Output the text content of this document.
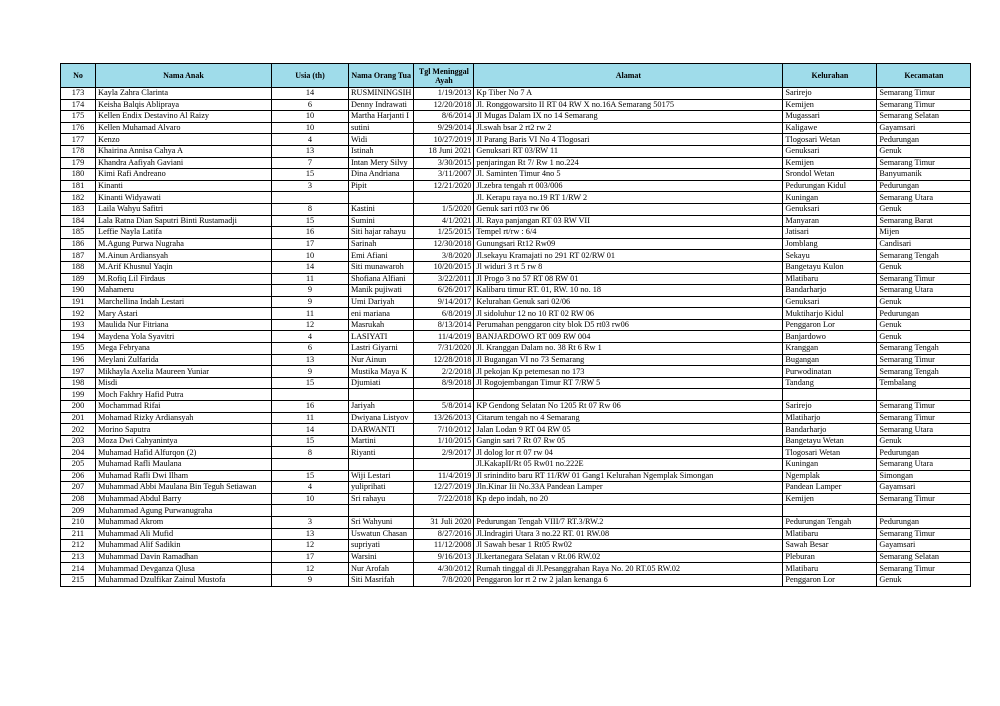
No	Nama Anak	Usia (th)	Nama Orang Tua	Tgl Meninggal Ayah	Alamat	Kelurahan	Kecamatan
173	Kayla Zahra Clarinta	14	RUSMININGSIH	1/19/2013	Kp Tiber No 7 A	Sarirejo	Semarang Timur
174	Keisha Balqis Abliprayа	6	Denny Indrawati	12/20/2018	Jl. Ronggowarsito II RT 04 RW X no.16A Semarang 50175	Kemijen	Semarang Timur
175	Kellen Endix Destavino Al Raizy	10	Martha Harjanti I	8/6/2014	Jl Mugas Dalam IX no 14 Semarang	Mugassari	Semarang Selatan
176	Kellen Muhamad Alvaro	10	sutini	9/29/2014	Jl.swah bsar 2 rt2 rw 2	Kaligawe	Gayamsari
177	Kenzo	4	Widi	10/27/2019	Jl Parang Baris VI No 4 Tlogosari	Tlogosari Wetan	Pedurungan
178	Khairina Annisa Cahya A	13	Istinah	18 Juni 2021	Genuksari RT 03/RW 11	Genuksari	Genuk
179	Khandra Aafiyah Gaviani	7	Intan Mery Silvy	3/30/2015	penjaringan Rt 7/ Rw 1 no.224	Kemijen	Semarang Timur
180	Kimi Rafi Andreano	15	Dina Andriana	3/11/2007	Jl. Saminten Timur 4no 5	Srondol Wetan	Banyumanik
181	Kinanti	3	Pipit	12/21/2020	Jl.zebra tengah rt 003/006	Pedurungan Kidul	Pedurungan
182	Kinanti Widyawati				Jl. Kerapu raya no.19 RT 1/RW 2	Kuningan	Semarang Utara
183	Laila Wahyu Safitri	8	Kastini	1/5/2020	Genuk sari rt03 rw 06	Genuksari	Genuk
184	Lala Ratna Dian Saputri Binti Rustamadji	15	Sumini	4/1/2021	Jl. Raya panjangan RT 03 RW VII	Manyaran	Semarang Barat
185	Leffie Nayla Latifa	16	Siti hajar rahayu	1/25/2015	Tempel rt/rw : 6/4	Jatisari	Mijen
186	M.Agung Purwa Nugraha	17	Sarinah	12/30/2018	Gunungsari Rt12 Rw09	Jomblang	Candisari
187	M.Ainun Ardiansyah	10	Emi Afiani	3/8/2020	Jl.sekayu Kramajati no 291 RT 02/RW 01	Sekayu	Semarang Tengah
188	M.Arif Khusnul Yaqin	14	Siti munawaroh	10/20/2015	Jl widuri 3 rt 5 rw 8	Bangetayu Kulon	Genuk
189	M.Rofiq Lil Firdaus	11	Shofiana Alfiani	3/22/2011	Jl Progo 3 no 57 RT 08 RW 01	Mlatibaru	Semarang Timur
190	Mahameru	9	Manik pujiwati	6/26/2017	Kalibaru timur RT. 01, RW. 10 no. 18	Bandarharjo	Semarang Utara
191	Marchellina Indah Lestari	9	Umi Dariyah	9/14/2017	Kelurahan Genuk sari 02/06	Genuksari	Genuk
192	Mary Astari	11	eni mariana	6/8/2019	Jl sidoluhur 12 no 10 RT 02 RW 06	Muktiharjo Kidul	Pedurungan
193	Maulida Nur Fitriana	12	Masrukah	8/13/2014	Perumahan penggaron city blok D5 rt03 rw06	Penggaron Lor	Genuk
194	Maydena Yola Syavitri	4	LASIYATI	11/4/2019	BANJARDOWO RT 009 RW 004	Banjardowo	Genuk
195	Mega Febryana	6	Lastri Giyarni	7/31/2020	Jl. Kranggan Dalam no. 38 Rt 6 Rw 1	Kranggan	Semarang Tengah
196	Meylani Zulfarida	13	Nur Ainun	12/28/2018	Jl Bugangan VI no 73 Semarang	Bugangan	Semarang Timur
197	Mikhayla Axelia Maureen Yuniar	9	Mustika Maya K	2/2/2018	Jl pekojan Kp petemesan no 173	Purwodinatan	Semarang Tengah
198	Misdi	15	Djumiati	8/9/2018	Jl Rogojembangan Timur RT 7/RW 5	Tandang	Tembalang
199	Moch Fakhry Hafid Putra						
200	Mochammad Rifai	16	Jariyah	5/8/2014	KP Gendong Selatan No 1205 Rt 07 Rw 06	Sarirejo	Semarang Timur
201	Mohamad Rizky Ardiansyah	11	Dwiyana Listyov	13/26/2013	Citarum tengah no 4 Semarang	Mlatiharjo	Semarang Timur
202	Morino Saputra	14	DARWANTI	7/10/2012	Jalan Lodan 9 RT 04 RW 05	Bandarharjo	Semarang Utara
203	Moza Dwi Cahyanintya	15	Martini	1/10/2015	Gangin sari 7 Rt 07 Rw 05	Bangetayu Wetan	Genuk
204	Muhamad Hafid Alfurqon (2)	8	Riyanti	2/9/2017	Jl dolog lor rt 07 rw 04	Tlogosari Wetan	Pedurungan
205	Muhamad Rafli Maulana				Jl.KakapII/Rt 05 Rw01 no.222E	Kuningan	Semarang Utara
206	Muhamad Rafli Dwi Ilham	15	Wiji Lestari	11/4/2019	Jl srinindito baru RT 11/RW 01 Gang1 Kelurahan Ngemplak Simongan	Ngemplak	Simongan
207	Muhammad Abbi Maulana Bin Teguh Setiawan	4	yuliprihati	12/27/2019	Jln.Kinar Iii No.33A Pandean Lamper	Pandean Lamper	Gayamsari
208	Muhammad Abdul Barry	10	Sri rahayu	7/22/2018	Kp depo indah, no 20	Kemijen	Semarang Timur
209	Muhammad Agung Purwanugraha						
210	Muhammad Akrom	3	Sri Wahyuni	31 Juli 2020	Pedurungan Tengah VIII/7 RT.3/RW.2	Pedurungan Tengah	Pedurungan
211	Muhammad Ali Mufid	13	Uswatun Chasan	8/27/2016	Jl.Indragiri Utara 3 no.22 RT. 01 RW.08	Mlatibaru	Semarang Timur
212	Muhammad Alif Sadikin	12	supriyati	11/12/2008	Jl Sawah besar 1 Rt05 Rw02	Sawah Besar	Gayamsari
213	Muhammad Davin Ramadhan	17	Warsini	9/16/2013	Jl.kertanegara Selatan v Rt.06 RW.02	Pleburan	Semarang Selatan
214	Muhammad Devganza Qlusa	12	Nur Arofah	4/30/2012	Rumah tinggal di Jl.Pesanggrahan Raya No. 20 RT.05 RW.02	Mlatibaru	Semarang Timur
215	Muhammad Dzulfikar Zainul Mustofa	9	Siti Masrifah	7/8/2020	Penggaron lor rt 2 rw 2 jalan kenanga 6	Penggaron Lor	Genuk
